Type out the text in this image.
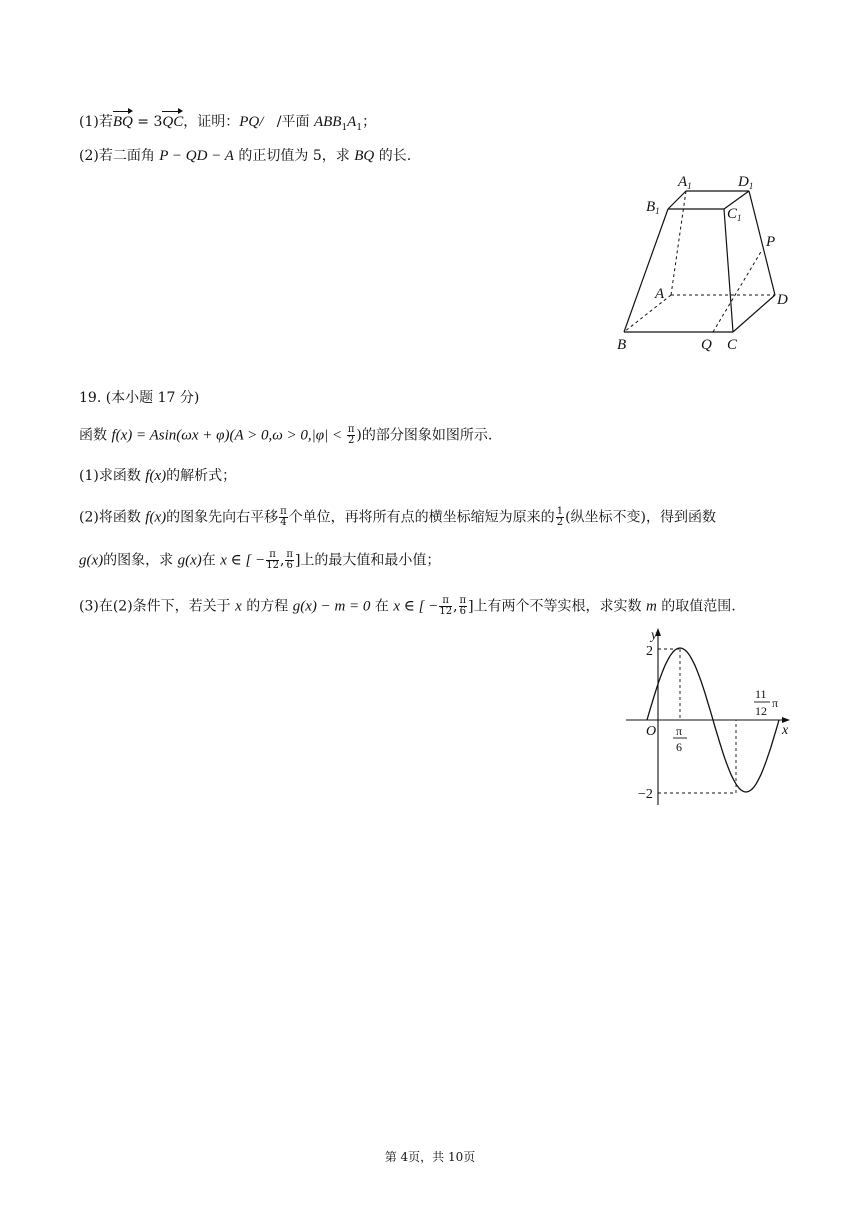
(1)若BQ = 3QC，证明：PQ/ /平面 $ABB_1A_1$；
(2)若二面角 P − QD − A 的正切值为 5，求 BQ 的长.
$A_1$	$D_1$
$B_1$	$C_1$
P
A	D
B	Q C
19. (本小题 17 分)
函数 $f(x) = Asin(\omega x + \varphi)(A > 0,\omega > 0,|\varphi| < \frac{\pi}{2}$ )的部分图象如图所示.
(1)求函数 f(x)的解析式；
(2)将函数 f(x)的图象先向右平移 $\frac{\pi}{4}$ 个单位，再将所有点的横坐标缩短为原来的 $\frac{1}{2}$ (纵坐标不变)，得到函数
g(x)的图象，求 g(x)在 x ∈ [ − $\frac{\pi}{12}$ , $\frac{\pi}{6}$ ]上的最大值和最小值；
(3)在(2)条件下，若关于 x 的方程 g(x) − m = 0 在 x ∈ [ − $\frac{\pi}{12}$ , $\frac{\pi}{6}$ ]上有两个不等实根，求实数 m 的取值范围.
y
x
O
2
−2
π
6
11
12
π
第 4页，共 10页
